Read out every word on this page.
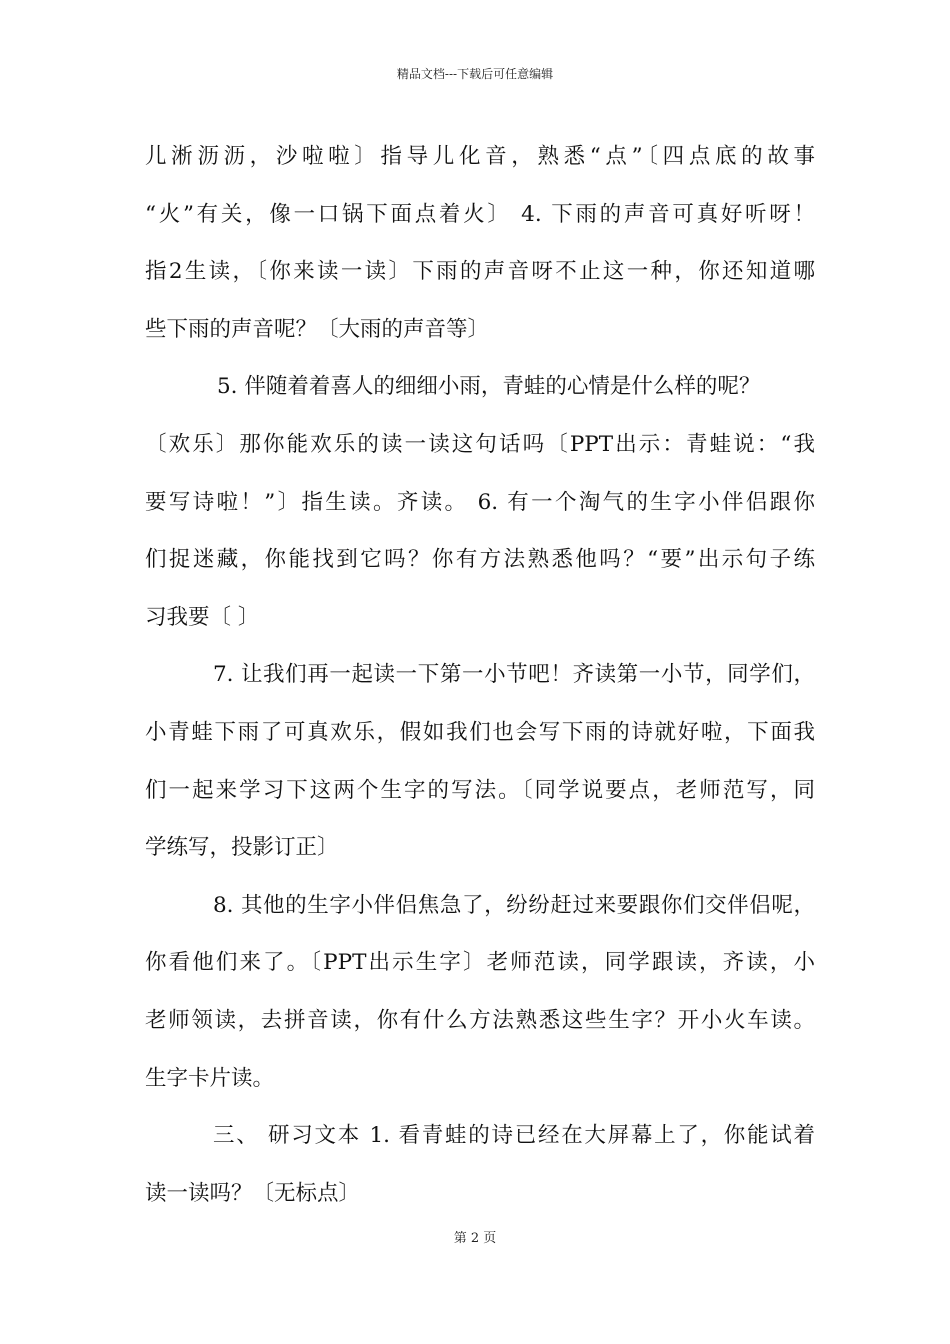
精品文档---下载后可任意编辑
儿淅沥沥，沙啦啦〕指导儿化音，熟悉“点”〔四点底的故事
“火”有关，像一口锅下面点着火〕 4. 下雨的声音可真好听呀！
指2生读，〔你来读一读〕下雨的声音呀不止这一种，你还知道哪
些下雨的声音呢？〔大雨的声音等〕
5. 伴随着着喜人的细细小雨，青蛙的心情是什么样的呢？
〔欢乐〕那你能欢乐的读一读这句话吗〔PPT出示：青蛙说：“我
要写诗啦！”〕指生读。齐读。 6. 有一个淘气的生字小伴侣跟你
们捉迷藏，你能找到它吗？你有方法熟悉他吗？“要”出示句子练
习我要〔 〕
7. 让我们再一起读一下第一小节吧！齐读第一小节，同学们，
小青蛙下雨了可真欢乐，假如我们也会写下雨的诗就好啦，下面我
们一起来学习下这两个生字的写法。〔同学说要点，老师范写，同
学练写，投影订正〕
8. 其他的生字小伴侣焦急了，纷纷赶过来要跟你们交伴侣呢，
你看他们来了。〔PPT出示生字〕老师范读，同学跟读，齐读，小
老师领读，去拼音读，你有什么方法熟悉这些生字？开小火车读。
生字卡片读。
三、 研习文本 1. 看青蛙的诗已经在大屏幕上了，你能试着
读一读吗？〔无标点〕
第 2 页
